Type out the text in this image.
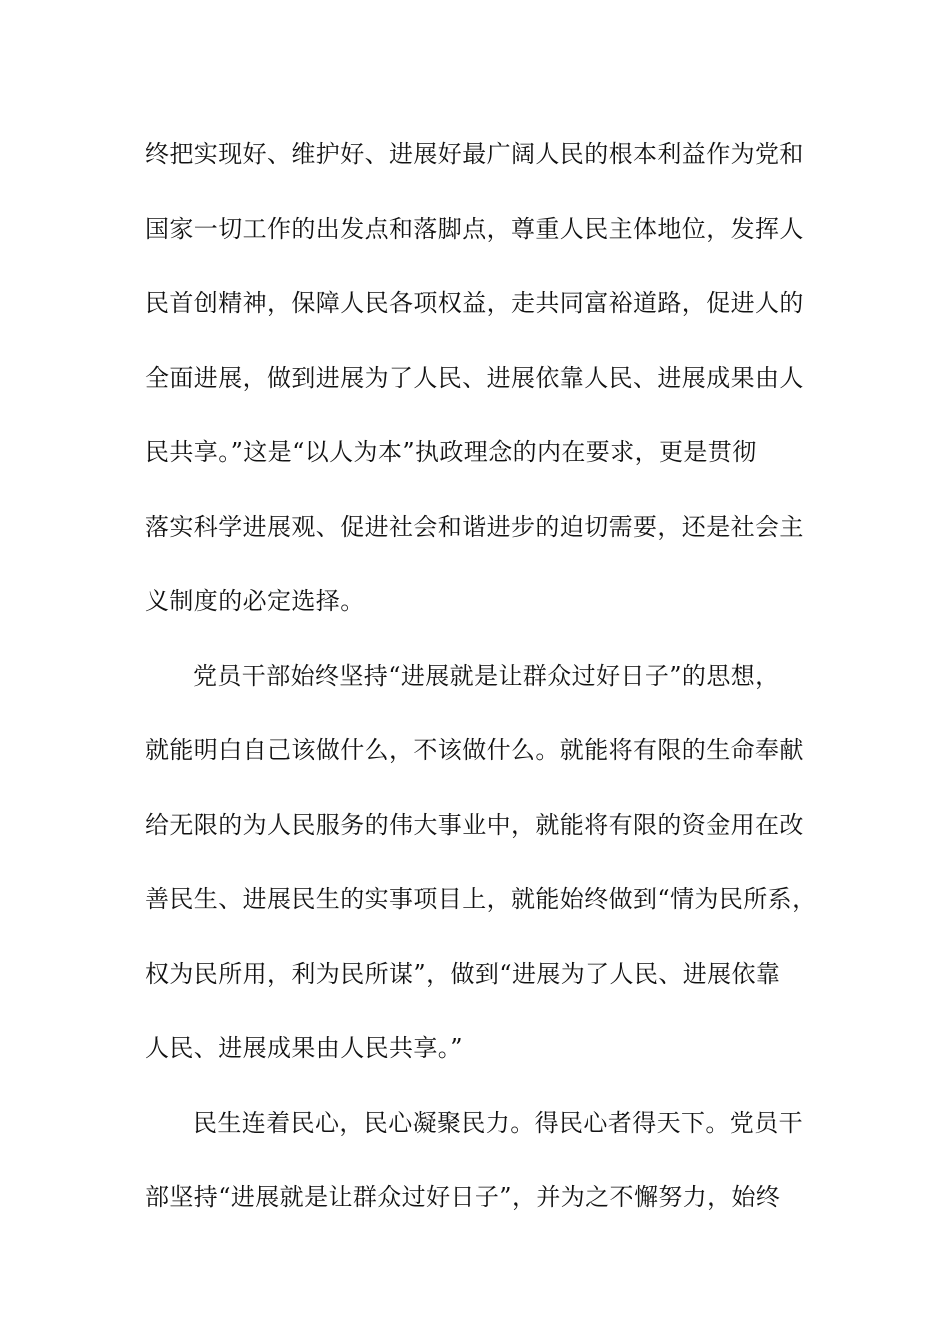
终把实现好、维护好、进展好最广阔人民的根本利益作为党和
国家一切工作的出发点和落脚点，尊重人民主体地位，发挥人
民首创精神，保障人民各项权益，走共同富裕道路，促进人的
全面进展，做到进展为了人民、进展依靠人民、进展成果由人
民共享。”这是“以人为本”执政理念的内在要求，更是贯彻
落实科学进展观、促进社会和谐进步的迫切需要，还是社会主
义制度的必定选择。
党员干部始终坚持“进展就是让群众过好日子”的思想，
就能明白自己该做什么，不该做什么。就能将有限的生命奉献
给无限的为人民服务的伟大事业中，就能将有限的资金用在改
善民生、进展民生的实事项目上，就能始终做到“情为民所系，
权为民所用，利为民所谋”，做到“进展为了人民、进展依靠
人民、进展成果由人民共享。”
民生连着民心，民心凝聚民力。得民心者得天下。党员干
部坚持“进展就是让群众过好日子”，并为之不懈努力，始终
